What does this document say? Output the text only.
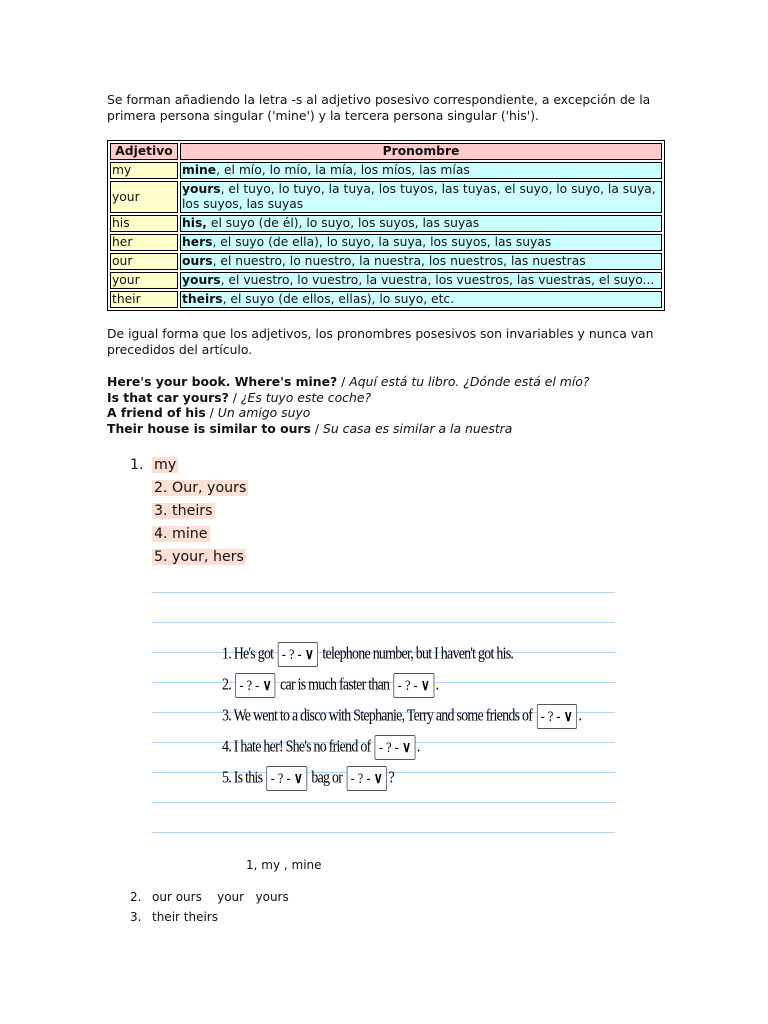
Se forman añadiendo la letra -s al adjetivo posesivo correspondiente, a excepción de la primera persona singular ('mine') y la tercera persona singular ('his').
Adjetivo	Pronombre
my	mine, el mío, lo mío, la mía, los míos, las mías
your	yours, el tuyo, lo tuyo, la tuya, los tuyos, las tuyas, el suyo, lo suyo, la suya, los suyos, las suyas
his	his, el suyo (de él), lo suyo, los suyos, las suyas
her	hers, el suyo (de ella), lo suyo, la suya, los suyos, las suyas
our	ours, el nuestro, lo nuestro, la nuestra, los nuestros, las nuestras
your	yours, el vuestro, lo vuestro, la vuestra, los vuestros, las vuestras, el suyo...

their	theirs, el suyo (de ellos, ellas), lo suyo, etc.
De igual forma que los adjetivos, los pronombres posesivos son invariables y nunca van precedidos del artículo.
Here's your book. Where's mine? / Aquí está tu libro. ¿Dónde está el mío?
Is that car yours? / ¿Es tuyo este coche?
A friend of his / Un amigo suyo
Their house is similar to ours / Su casa es similar a la nuestra
1. my
2. Our, yours
3. theirs
4. mine
5. your, hers
1. He's got - ? - ∨ telephone number, but I haven't got his.
2. - ? - ∨ car is much faster than - ? - ∨ .
3. We went to a disco with Stephanie, Terry and some friends of - ? - ∨ .
4. I hate her! She's no friend of - ? - ∨ .
5. Is this - ? - ∨ bag or - ? - ∨ ?
1, my , mine
2. our ours    your   yours
3. their theirs
